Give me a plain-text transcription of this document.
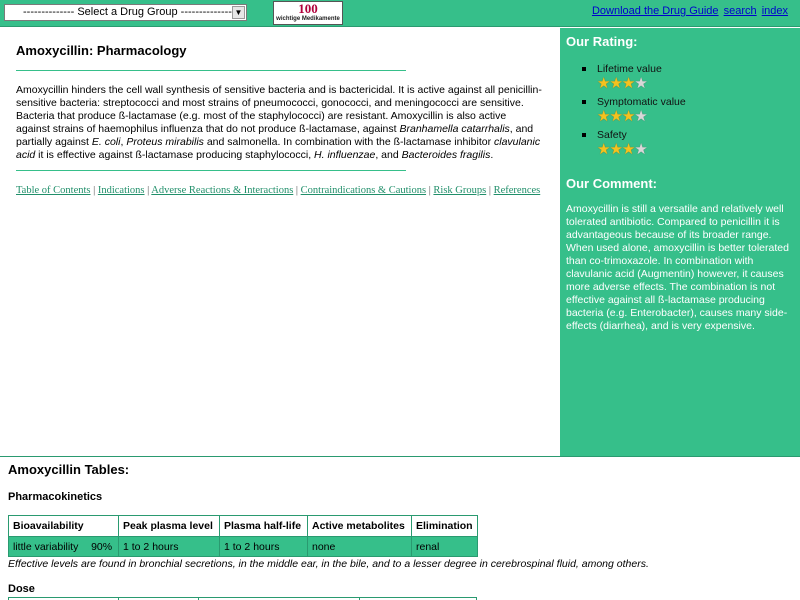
-------------- Select a Drug Group -------------- ▼	100
wichtige Medikamente
Download the Drug Guide search index
Amoxycillin: Pharmacology
Amoxycillin hinders the cell wall synthesis of sensitive bacteria and is bactericidal. It is active against all penicillin-sensitive bacteria: streptococci and most strains of pneumococci, gonococci, and meningococci are sensitive. Bacteria that produce ß-lactamase (e.g. most of the staphylococci) are resistant. Amoxycillin is also active against strains of haemophilus influenza that do not produce ß-lactamase, against Branhamella catarrhalis, and partially against E. coli, Proteus mirabilis and salmonella. In combination with the ß-lactamase inhibitor clavulanic acid it is effective against ß-lactamase producing staphylococci, H. influenzae, and Bacteroides fragilis.
Table of Contents | Indications | Adverse Reactions & Interactions | Contraindications & Cautions | Risk Groups | References
Our Rating:
Lifetime value
★★★★
Symptomatic value
★★★★
Safety
★★★★
Our Comment:
Amoxycillin is still a versatile and relatively well tolerated antibiotic. Compared to penicillin it is advantageous because of its broader range. When used alone, amoxycillin is better tolerated than co-trimoxazole. In combination with clavulanic acid (Augmentin) however, it causes more adverse effects. The combination is not effective against all ß-lactamase producing bacteria (e.g. Enterobacter), causes many side-effects (diarrhea), and is very expensive.
Amoxycillin Tables:
Pharmacokinetics
Bioavailability		Peak plasma level	Plasma half-life	Active metabolites	Elimination
little variability	90%	1 to 2 hours	1 to 2 hours	none	renal
Effective levels are found in bronchial secretions, in the middle ear, in the bile, and to a lesser degree in cerebrospinal fluid, among others.
Dose
